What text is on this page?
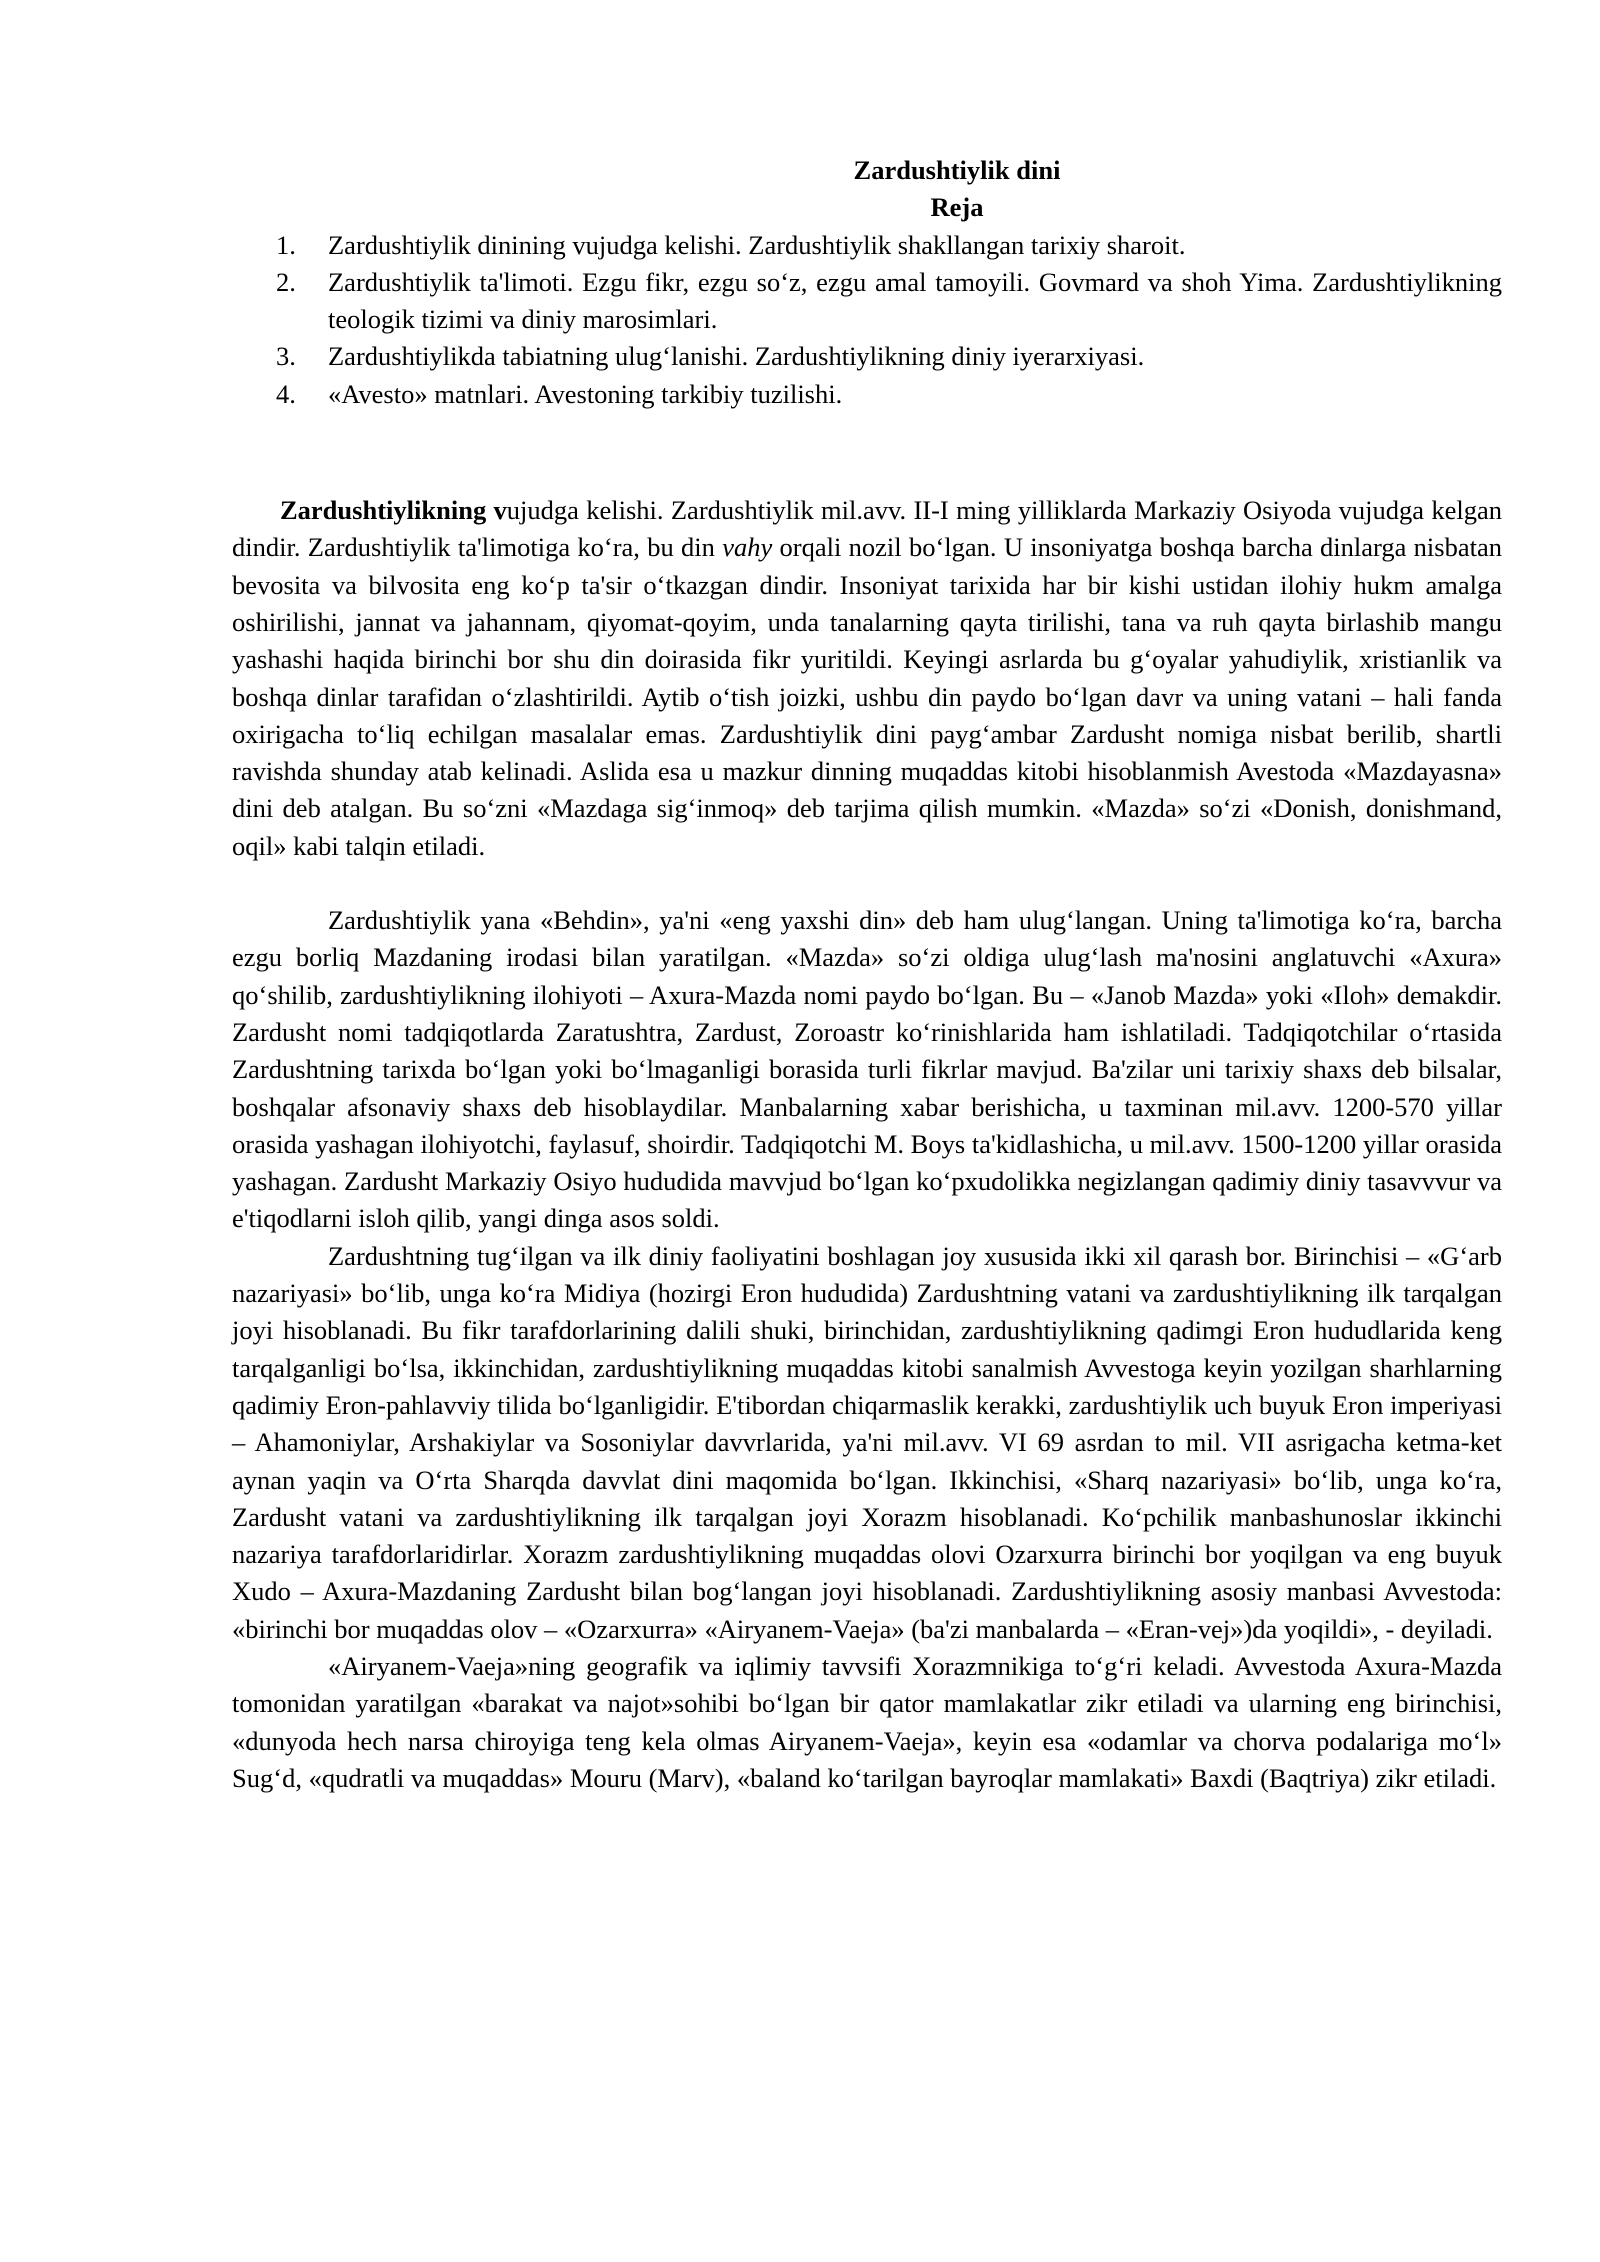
Zardushtiylik dini

Reja

1. Zardushtiylik dinining vujudga kelishi. Zardushtiylik shakllangan tarixiy sharoit.
2. Zardushtiylik ta'limoti. Ezgu fikr, ezgu so‘z, ezgu amal tamoyili. Govmard va shoh Yima. Zardushtiylikning teologik tizimi va diniy marosimlari.
3. Zardushtiylikda tabiatning ulug‘lanishi. Zardushtiylikning diniy iyerarxiyasi.
4. «Avesto» matnlari. Avestoning tarkibiy tuzilishi.

Zardushtiylikning vujudga kelishi. Zardushtiylik mil.avv. II-I ming yilliklarda Markaziy Osiyoda vujudga kelgan dindir. Zardushtiylik ta'limotiga ko‘ra, bu din vahy orqali nozil bo‘lgan. U insoniyatga boshqa barcha dinlarga nisbatan bevosita va bilvosita eng ko‘p ta'sir o‘tkazgan dindir. Insoniyat tarixida har bir kishi ustidan ilohiy hukm amalga oshirilishi, jannat va jahannam, qiyomat-qoyim, unda tanalarning qayta tirilishi, tana va ruh qayta birlashib mangu yashashi haqida birinchi bor shu din doirasida fikr yuritildi. Keyingi asrlarda bu g‘oyalar yahudiylik, xristianlik va boshqa dinlar tarafidan o‘zlashtirildi. Aytib o‘tish joizki, ushbu din paydo bo‘lgan davr va uning vatani – hali fanda oxirigacha to‘liq echilgan masalalar emas. Zardushtiylik dini payg‘ambar Zardusht nomiga nisbat berilib, shartli ravishda shunday atab kelinadi. Aslida esa u mazkur dinning muqaddas kitobi hisoblanmish Avestoda «Mazdayasna» dini deb atalgan. Bu so‘zni «Mazdaga sig‘inmoq» deb tarjima qilish mumkin. «Mazda» so‘zi «Donish, donishmand, oqil» kabi talqin etiladi.

Zardushtiylik yana «Behdin», ya'ni «eng yaxshi din» deb ham ulug‘langan. Uning ta'limotiga ko‘ra, barcha ezgu borliq Mazdaning irodasi bilan yaratilgan. «Mazda» so‘zi oldiga ulug‘lash ma'nosini anglatuvchi «Axura» qo‘shilib, zardushtiylikning ilohiyoti – Axura-Mazda nomi paydo bo‘lgan. Bu – «Janob Mazda» yoki «Iloh» demakdir. Zardusht nomi tadqiqotlarda Zaratushtra, Zardust, Zoroastr ko‘rinishlarida ham ishlatiladi. Tadqiqotchilar o‘rtasida Zardushtning tarixda bo‘lgan yoki bo‘lmaganligi borasida turli fikrlar mavjud. Ba'zilar uni tarixiy shaxs deb bilsalar, boshqalar afsonaviy shaxs deb hisoblaydilar. Manbalarning xabar berishicha, u taxminan mil.avv. 1200-570 yillar orasida yashagan ilohiyotchi, faylasuf, shoirdir. Tadqiqotchi M. Boys ta'kidlashicha, u mil.avv. 1500-1200 yillar orasida yashagan. Zardusht Markaziy Osiyo hududida mavvjud bo‘lgan ko‘pxudolikka negizlangan qadimiy diniy tasavvvur va e'tiqodlarni isloh qilib, yangi dinga asos soldi.

Zardushtning tug‘ilgan va ilk diniy faoliyatini boshlagan joy xususida ikki xil qarash bor. Birinchisi – «G‘arb nazariyasi» bo‘lib, unga ko‘ra Midiya (hozirgi Eron hududida) Zardushtning vatani va zardushtiylikning ilk tarqalgan joyi hisoblanadi. Bu fikr tarafdorlarining dalili shuki, birinchidan, zardushtiylikning qadimgi Eron hududlarida keng tarqalganligi bo‘lsa, ikkinchidan, zardushtiylikning muqaddas kitobi sanalmish Avvestoga keyin yozilgan sharhlarning qadimiy Eron-pahlavviy tilida bo‘lganligidir. E'tibordan chiqarmaslik kerakki, zardushtiylik uch buyuk Eron imperiyasi – Ahamoniylar, Arshakiylar va Sosoniylar davvrlarida, ya'ni mil.avv. VI 69 asrdan to mil. VII asrigacha ketma-ket aynan yaqin va O‘rta Sharqda davvlat dini maqomida bo‘lgan. Ikkinchisi, «Sharq nazariyasi» bo‘lib, unga ko‘ra, Zardusht vatani va zardushtiylikning ilk tarqalgan joyi Xorazm hisoblanadi. Ko‘pchilik manbashunoslar ikkinchi nazariya tarafdorlaridirlar. Xorazm zardushtiylikning muqaddas olovi Ozarxurra birinchi bor yoqilgan va eng buyuk Xudo – Axura-Mazdaning Zardusht bilan bog‘langan joyi hisoblanadi. Zardushtiylikning asosiy manbasi Avvestoda: «birinchi bor muqaddas olov – «Ozarxurra» «Airyanem-Vaeja» (ba'zi manbalarda – «Eran-vej»)da yoqildi», - deyiladi.

«Airyanem-Vaeja»ning geografik va iqlimiy tavvsifi Xorazmnikiga to‘g‘ri keladi. Avvestoda Axura-Mazda tomonidan yaratilgan «barakat va najot»sohibi bo‘lgan bir qator mamlakatlar zikr etiladi va ularning eng birinchisi, «dunyoda hech narsa chiroyiga teng kela olmas Airyanem-Vaeja», keyin esa «odamlar va chorva podalariga mo‘l» Sug‘d, «qudratli va muqaddas» Mouru (Marv), «baland ko‘tarilgan bayroqlar mamlakati» Baxdi (Baqtriya) zikr etiladi.
